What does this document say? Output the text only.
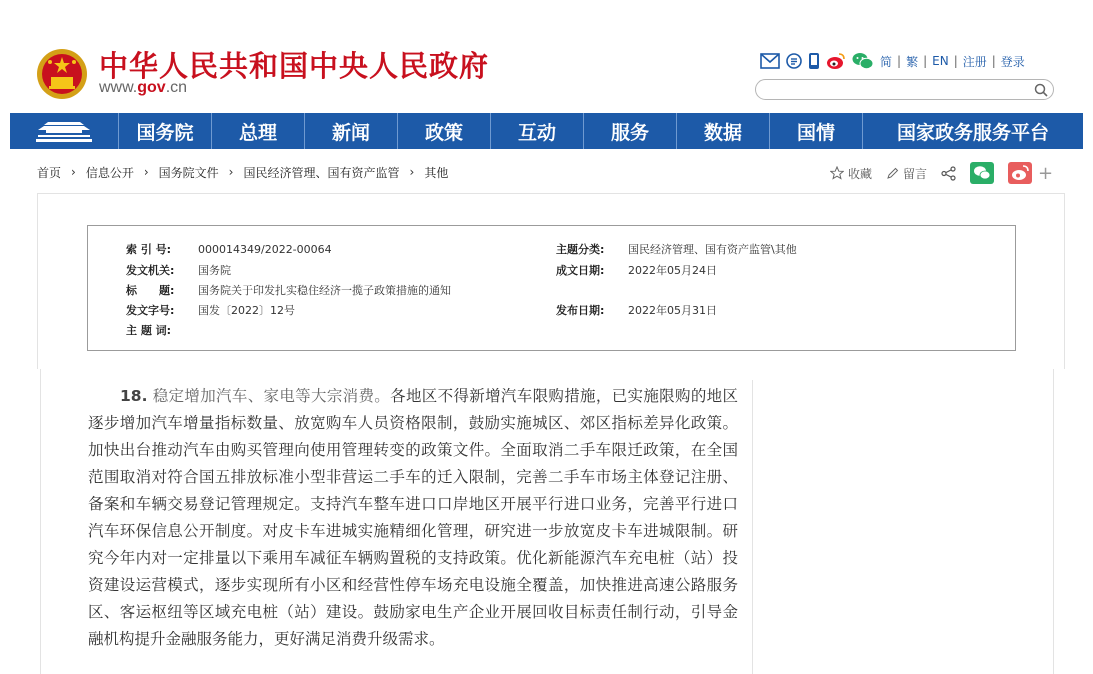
中华人民共和国中央人民政府
www.gov.cn
简 | 繁 | EN | 注册 | 登录
国务院	总理	新闻	政策	互动	服务	数据	国情	国家政务服务平台
首页 › 信息公开 › 国务院文件 › 国民经济管理、国有资产监管 › 其他	收藏	留言	+
索 引 号: 000014349/2022-00064	主题分类: 国民经济管理、国有资产监管\其他
发文机关: 国务院	成文日期: 2022年05月24日
标　　题: 国务院关于印发扎实稳住经济一揽子政策措施的通知
发文字号: 国发〔2022〕12号	发布日期: 2022年05月31日
主 题 词:
18. 稳定增加汽车、家电等大宗消费。各地区不得新增汽车限购措施，已实施限购的地区逐步增加汽车增量指标数量、放宽购车人员资格限制，鼓励实施城区、郊区指标差异化政策。加快出台推动汽车由购买管理向使用管理转变的政策文件。全面取消二手车限迁政策，在全国范围取消对符合国五排放标准小型非营运二手车的迁入限制，完善二手车市场主体登记注册、备案和车辆交易登记管理规定。支持汽车整车进口口岸地区开展平行进口业务，完善平行进口汽车环保信息公开制度。对皮卡车进城实施精细化管理，研究进一步放宽皮卡车进城限制。研究今年内对一定排量以下乘用车减征车辆购置税的支持政策。优化新能源汽车充电桩（站）投资建设运营模式，逐步实现所有小区和经营性停车场充电设施全覆盖，加快推进高速公路服务区、客运枢纽等区域充电桩（站）建设。鼓励家电生产企业开展回收目标责任制行动，引导金融机构提升金融服务能力，更好满足消费升级需求。
